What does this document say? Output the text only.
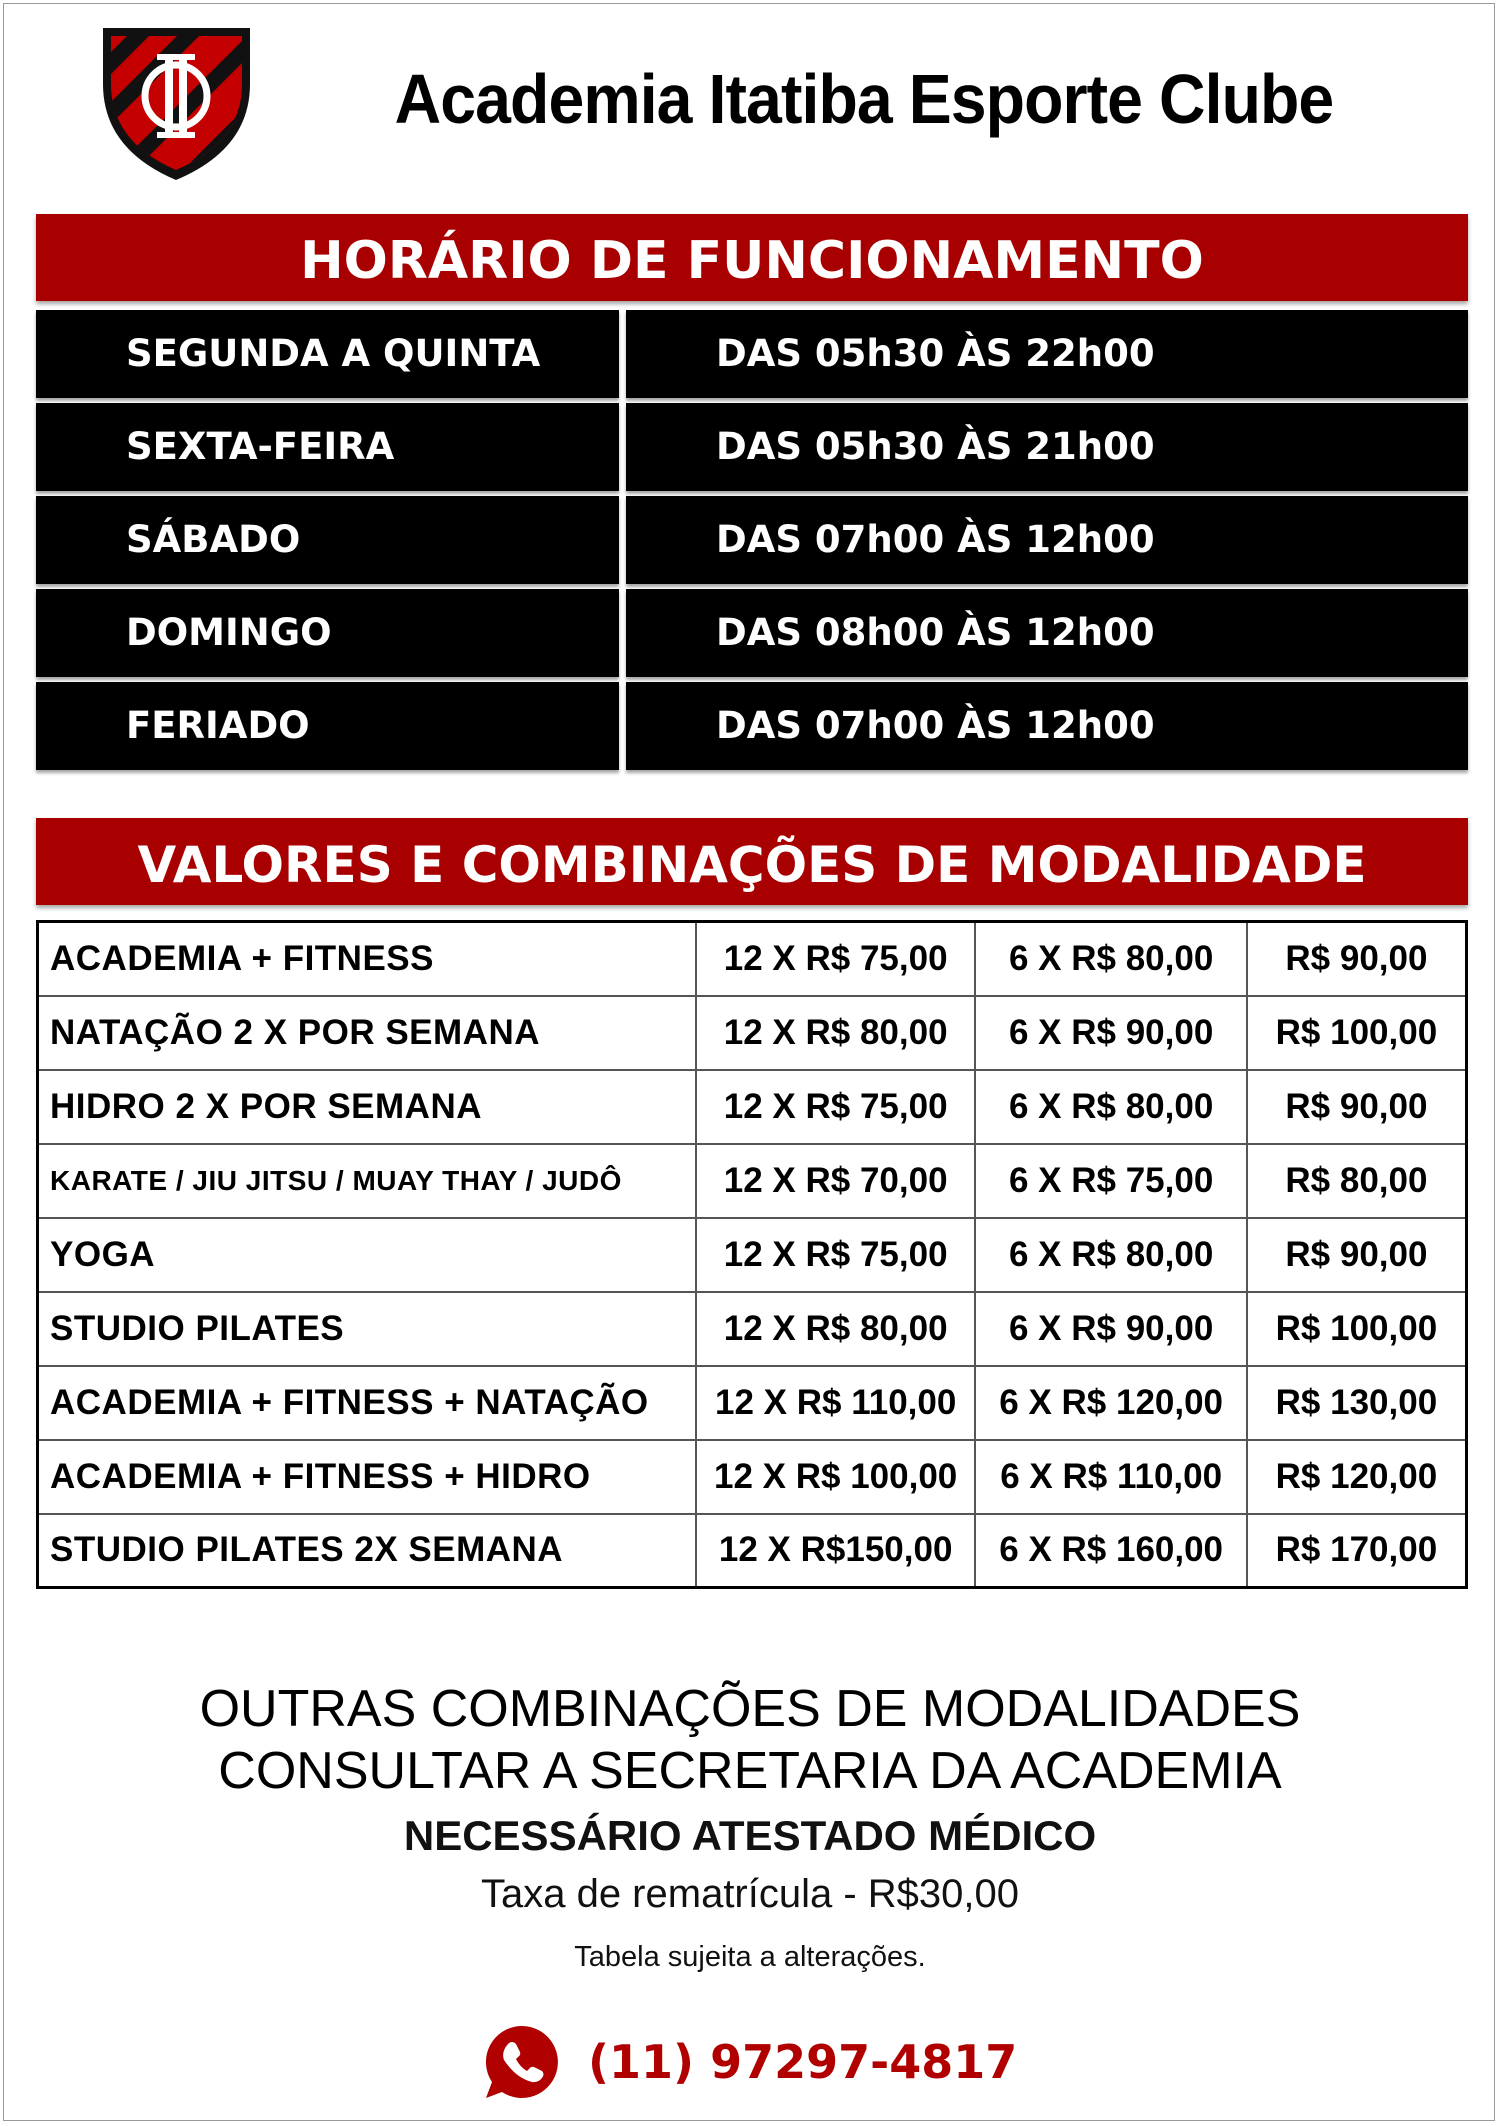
Academia Itatiba Esporte Clube
HORÁRIO DE FUNCIONAMENTO
SEGUNDA A QUINTA	DAS 05h30 ÀS 22h00
SEXTA-FEIRA	DAS 05h30 ÀS 21h00
SÁBADO	DAS 07h00 ÀS 12h00
DOMINGO	DAS 08h00 ÀS 12h00
FERIADO	DAS 07h00 ÀS 12h00
VALORES E COMBINAÇÕES DE MODALIDADE
ACADEMIA + FITNESS	12 X R$ 75,00	6 X R$ 80,00	R$ 90,00
NATAÇÃO 2 X POR SEMANA	12 X R$ 80,00	6 X R$ 90,00	R$ 100,00
HIDRO 2 X POR SEMANA	12 X R$ 75,00	6 X R$ 80,00	R$ 90,00
KARATE / JIU JITSU / MUAY THAY / JUDÔ	12 X R$ 70,00	6 X R$ 75,00	R$ 80,00
YOGA	12 X R$ 75,00	6 X R$ 80,00	R$ 90,00
STUDIO PILATES	12 X R$ 80,00	6 X R$ 90,00	R$ 100,00
ACADEMIA + FITNESS + NATAÇÃO	12 X R$ 110,00	6 X R$ 120,00	R$ 130,00
ACADEMIA + FITNESS + HIDRO	12 X R$ 100,00	6 X R$ 110,00	R$ 120,00
STUDIO PILATES 2X SEMANA	12 X R$150,00	6 X R$ 160,00	R$ 170,00
OUTRAS COMBINAÇÕES DE MODALIDADES
CONSULTAR A SECRETARIA DA ACADEMIA
NECESSÁRIO ATESTADO MÉDICO
Taxa de rematrícula - R$30,00
Tabela sujeita a alterações.
(11) 97297-4817
